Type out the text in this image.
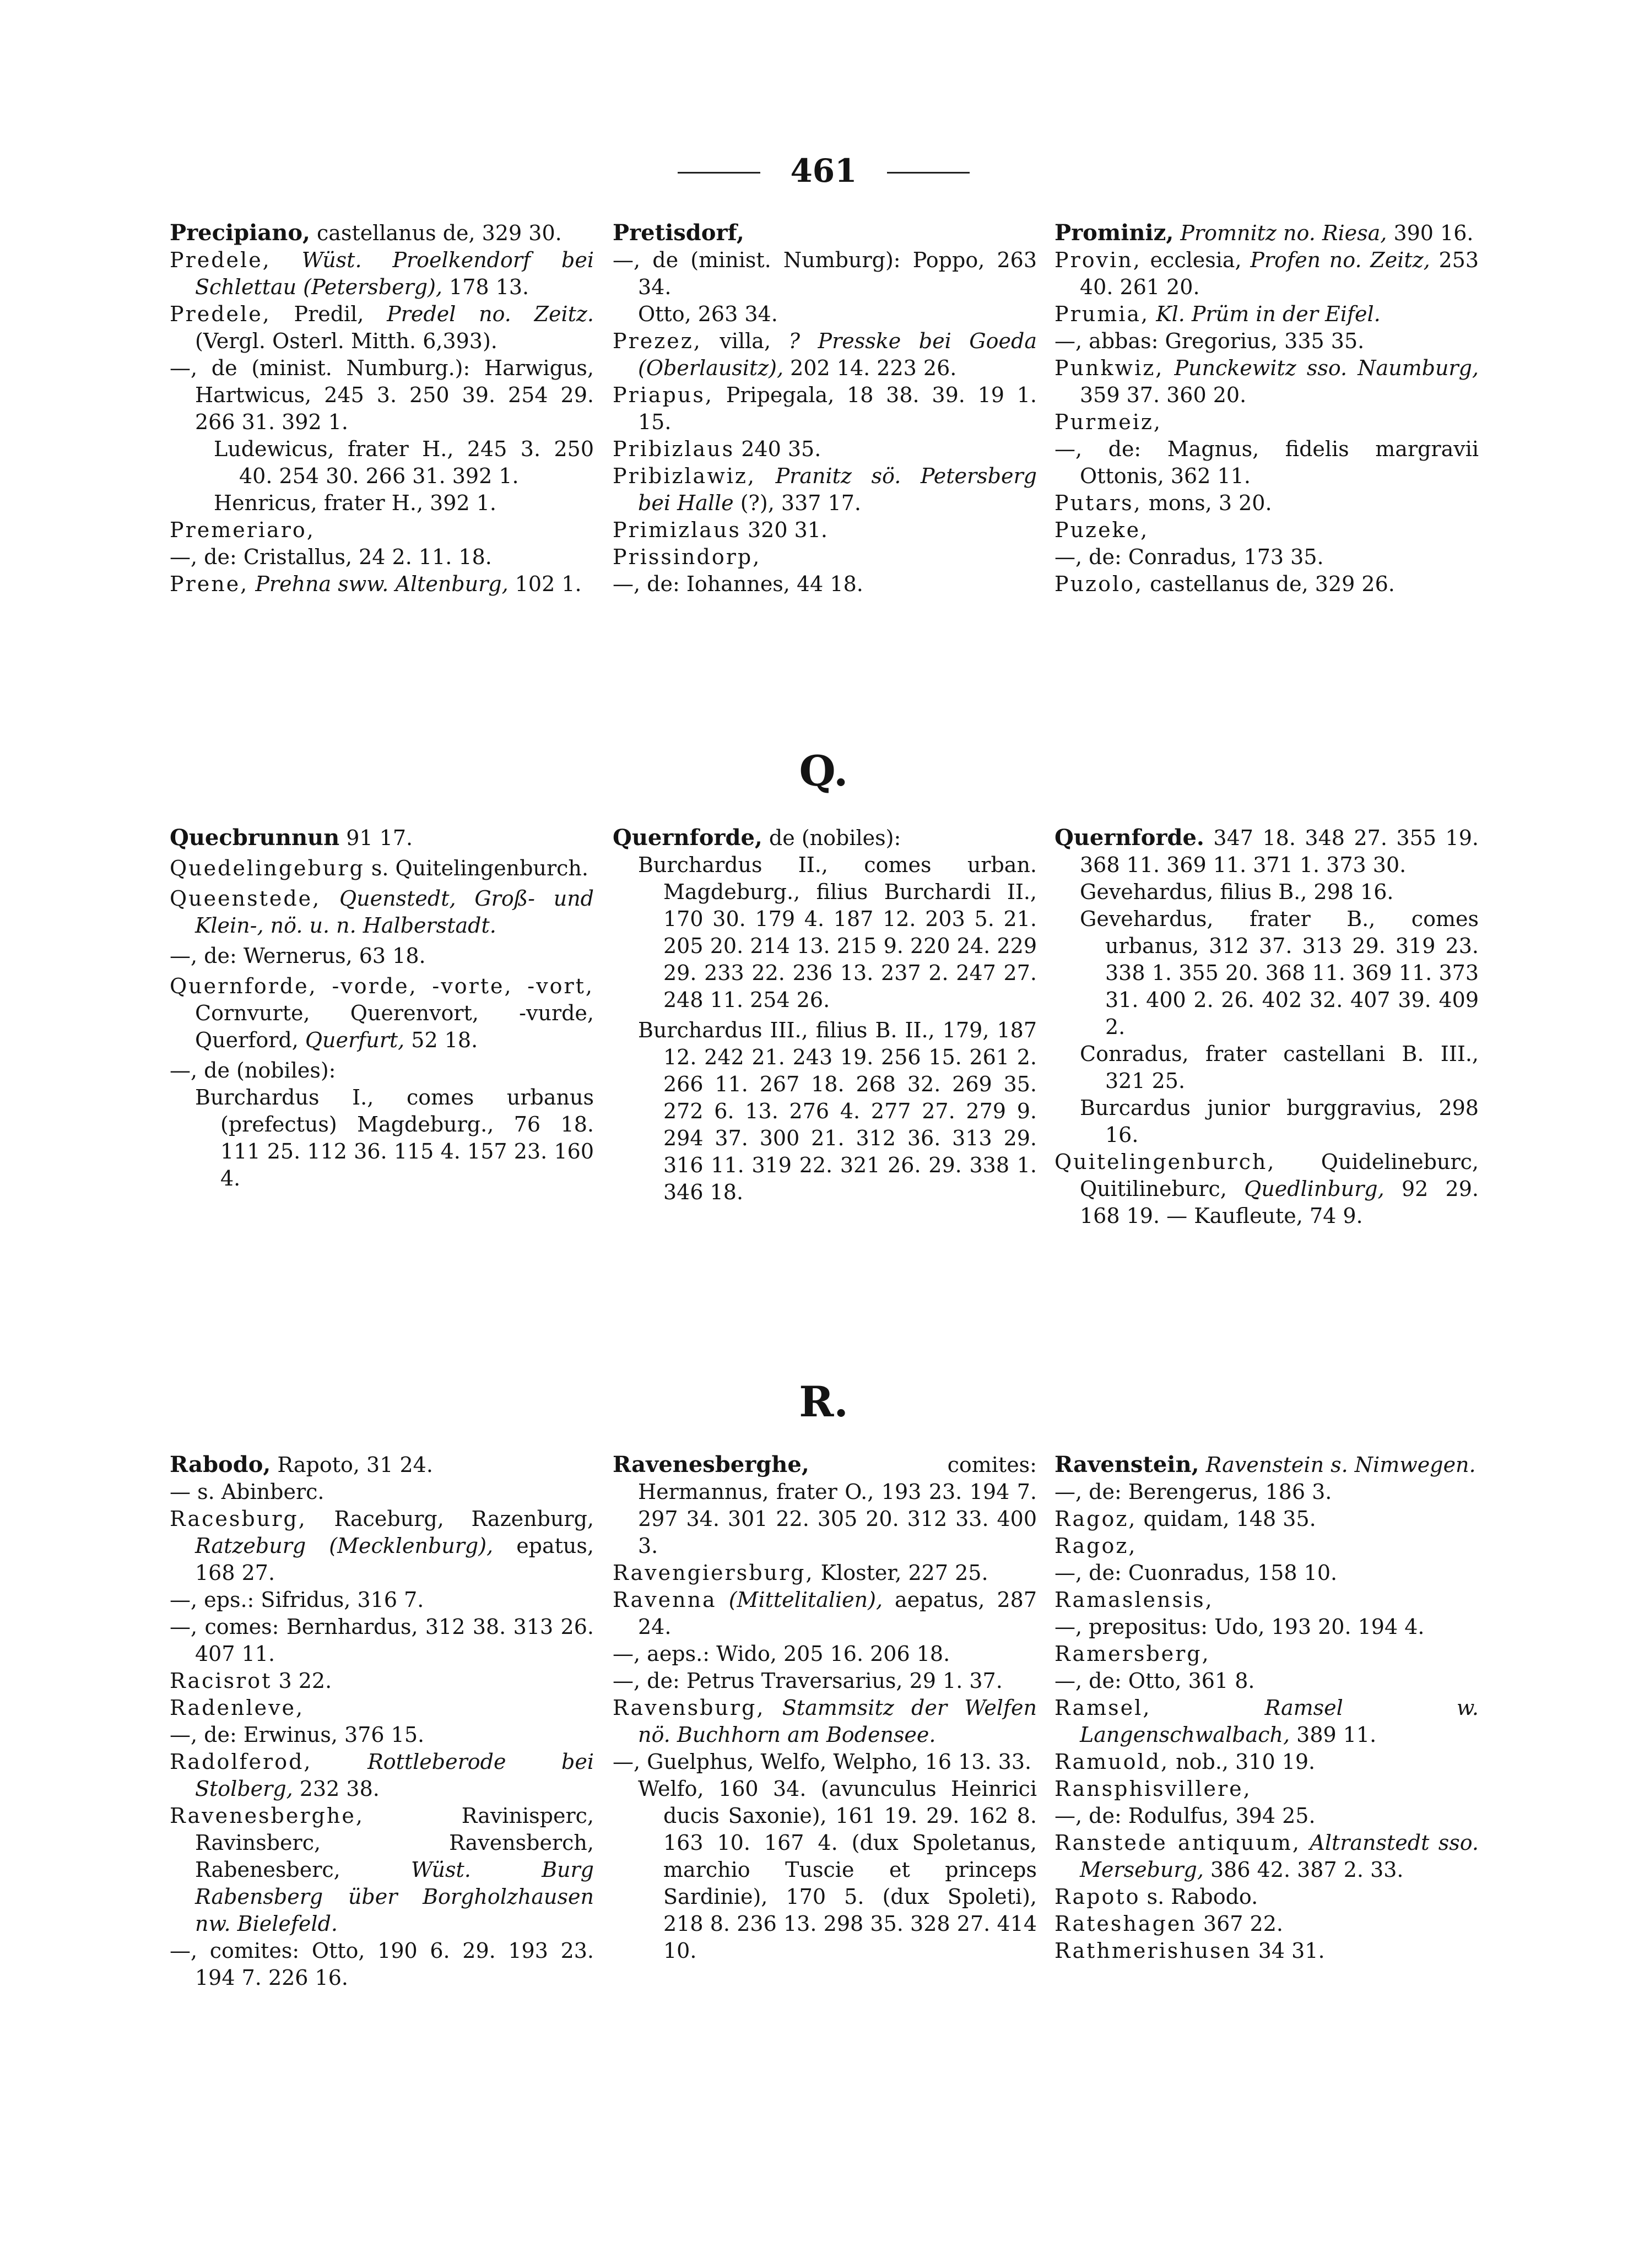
461
Precipiano, castellanus de, 329 30.
Predele, Wüst. Proelkendorf bei Schlettau (Petersberg), 178 13.
Predele, Predil, Predel no. Zeitz. (Vergl. Osterl. Mitth. 6,393).
—, de (minist. Numburg.): Harwigus, Hartwicus, 245 3. 250 39. 254 29. 266 31. 392 1.
Ludewicus, frater H., 245 3. 250 40. 254 30. 266 31. 392 1.
Henricus, frater H., 392 1.
Premeriaro,
—, de: Cristallus, 24 2. 11. 18.
Prene, Prehna sww. Altenburg, 102 1.
Pretisdorf,
—, de (minist. Numburg): Poppo, 263 34.
Otto, 263 34.
Prezez, villa, ? Presske bei Goeda (Oberlausitz), 202 14. 223 26.
Priapus, Pripegala, 18 38. 39. 19 1. 15.
Pribizlaus 240 35.
Pribizlawiz, Pranitz sö. Petersberg bei Halle (?), 337 17.
Primizlaus 320 31.
Prissindorp,
—, de: Iohannes, 44 18.
Prominiz, Promnitz no. Riesa, 390 16.
Provin, ecclesia, Profen no. Zeitz, 253 40. 261 20.
Prumia, Kl. Prüm in der Eifel.
—, abbas: Gregorius, 335 35.
Punkwiz, Punckewitz sso. Naumburg, 359 37. 360 20.
Purmeiz,
—, de: Magnus, fidelis margravii Ottonis, 362 11.
Putars, mons, 3 20.
Puzeke,
—, de: Conradus, 173 35.
Puzolo, castellanus de, 329 26.
Q.
Quecbrunnun 91 17.
Quedelingeburg s. Quitelingenburch.
Queenstede, Quenstedt, Groß- und Klein-, nö. u. n. Halberstadt.
—, de: Wernerus, 63 18.
Quernforde, -vorde, -vorte, -vort, Cornvurte, Querenvort, -vurde, Querford, Querfurt, 52 18.
—, de (nobiles):
Burchardus I., comes urbanus (prefectus) Magdeburg., 76 18. 111 25. 112 36. 115 4. 157 23. 160 4.
Quernforde, de (nobiles):
Burchardus II., comes urban. Magdeburg., filius Burchardi II., 170 30. 179 4. 187 12. 203 5. 21. 205 20. 214 13. 215 9. 220 24. 229 29. 233 22. 236 13. 237 2. 247 27. 248 11. 254 26.
Burchardus III., filius B. II., 179, 187 12. 242 21. 243 19. 256 15. 261 2. 266 11. 267 18. 268 32. 269 35. 272 6. 13. 276 4. 277 27. 279 9. 294 37. 300 21. 312 36. 313 29. 316 11. 319 22. 321 26. 29. 338 1. 346 18.
Quernforde. 347 18. 348 27. 355 19. 368 11. 369 11. 371 1. 373 30.
Gevehardus, filius B., 298 16.
Gevehardus, frater B., comes urbanus, 312 37. 313 29. 319 23. 338 1. 355 20. 368 11. 369 11. 373 31. 400 2. 26. 402 32. 407 39. 409 2.
Conradus, frater castellani B. III., 321 25.
Burcardus junior burggravius, 298 16.
Quitelingenburch, Quidelineburc, Quitilineburc, Quedlinburg, 92 29. 168 19. — Kaufleute, 74 9.
R.
Rabodo, Rapoto, 31 24.
— s. Abinberc.
Racesburg, Raceburg, Razenburg, Ratzeburg (Mecklenburg), epatus, 168 27.
—, eps.: Sifridus, 316 7.
—, comes: Bernhardus, 312 38. 313 26. 407 11.
Racisrot 3 22.
Radenleve,
—, de: Erwinus, 376 15.
Radolferod,	Rottleberode bei Stolberg, 232 38.
Ravenesberghe, Ravinisperc, Ravinsberc, Ravensberch, Rabenesberc, Wüst. Burg Rabensberg über Borgholzhausen nw. Bielefeld.
—, comites: Otto, 190 6. 29. 193 23. 194 7. 226 16.
Ravenesberghe, comites: Hermannus, frater O., 193 23. 194 7. 297 34. 301 22. 305 20. 312 33. 400 3.
Ravengiersburg, Kloster, 227 25.
Ravenna (Mittelitalien), aepatus, 287 24.
—, aeps.: Wido, 205 16. 206 18.
—, de: Petrus Traversarius, 29 1. 37.
Ravensburg, Stammsitz der Welfen nö. Buchhorn am Bodensee.
—, Guelphus, Welfo, Welpho, 16 13. 33.
Welfo, 160 34. (avunculus Heinrici ducis Saxonie), 161 19. 29. 162 8. 163 10. 167 4. (dux Spoletanus, marchio Tuscie et princeps Sardinie), 170 5. (dux Spoleti), 218 8. 236 13. 298 35. 328 27. 414 10.
Ravenstein, Ravenstein s. Nimwegen.
—, de: Berengerus, 186 3.
Ragoz, quidam, 148 35.
Ragoz,
—, de: Cuonradus, 158 10.
Ramaslensis,
—, prepositus: Udo, 193 20. 194 4.
Ramersberg,
—, de: Otto, 361 8.
Ramsel,	Ramsel w. Langenschwalbach, 389 11.
Ramuold, nob., 310 19.
Ransphisvillere,
—, de: Rodulfus, 394 25.
Ranstede antiquum, Altranstedt sso. Merseburg, 386 42. 387 2. 33.
Rapoto s. Rabodo.
Rateshagen 367 22.
Rathmerishusen 34 31.
